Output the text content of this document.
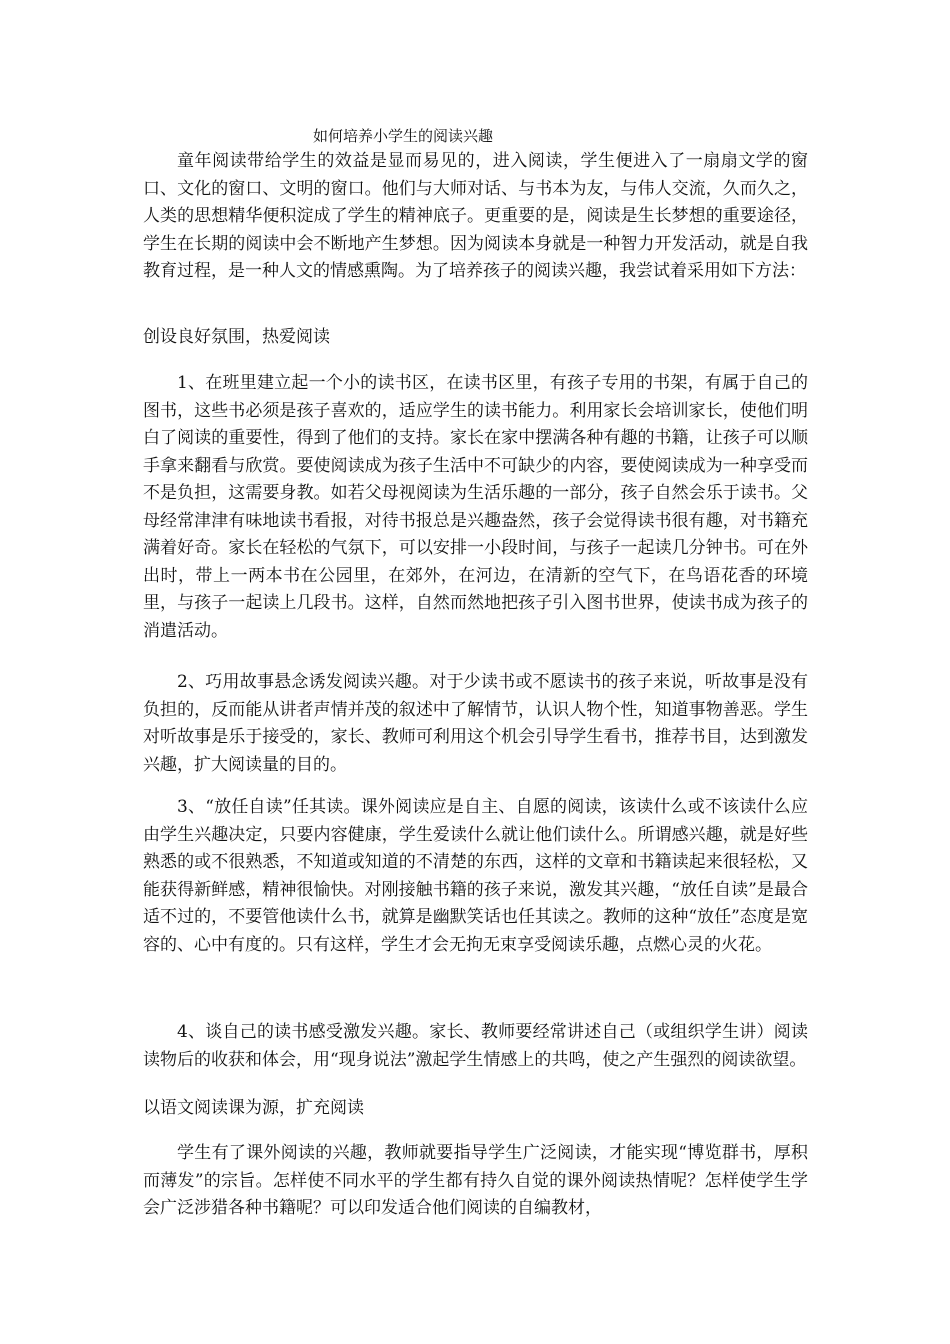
如何培养小学生的阅读兴趣

童年阅读带给学生的效益是显而易见的，进入阅读，学生便进入了一扇扇文学的窗口、文化的窗口、文明的窗口。他们与大师对话、与书本为友，与伟人交流，久而久之，人类的思想精华便积淀成了学生的精神底子。更重要的是，阅读是生长梦想的重要途径，学生在长期的阅读中会不断地产生梦想。因为阅读本身就是一种智力开发活动，就是自我教育过程，是一种人文的情感熏陶。为了培养孩子的阅读兴趣，我尝试着采用如下方法：

创设良好氛围，热爱阅读

1、在班里建立起一个小的读书区，在读书区里，有孩子专用的书架，有属于自己的图书，这些书必须是孩子喜欢的，适应学生的读书能力。利用家长会培训家长，使他们明白了阅读的重要性，得到了他们的支持。家长在家中摆满各种有趣的书籍，让孩子可以顺手拿来翻看与欣赏。要使阅读成为孩子生活中不可缺少的内容，要使阅读成为一种享受而不是负担，这需要身教。如若父母视阅读为生活乐趣的一部分，孩子自然会乐于读书。父母经常津津有味地读书看报，对待书报总是兴趣盎然，孩子会觉得读书很有趣，对书籍充满着好奇。家长在轻松的气氛下，可以安排一小段时间，与孩子一起读几分钟书。可在外出时，带上一两本书在公园里，在郊外，在河边，在清新的空气下，在鸟语花香的环境里，与孩子一起读上几段书。这样，自然而然地把孩子引入图书世界，使读书成为孩子的消遣活动。

2、巧用故事悬念诱发阅读兴趣。对于少读书或不愿读书的孩子来说，听故事是没有负担的，反而能从讲者声情并茂的叙述中了解情节，认识人物个性，知道事物善恶。学生对听故事是乐于接受的，家长、教师可利用这个机会引导学生看书，推荐书目，达到激发兴趣，扩大阅读量的目的。

3、“放任自读”任其读。课外阅读应是自主、自愿的阅读，该读什么或不该读什么应由学生兴趣决定，只要内容健康，学生爱读什么就让他们读什么。所谓感兴趣，就是好些熟悉的或不很熟悉，不知道或知道的不清楚的东西，这样的文章和书籍读起来很轻松，又能获得新鲜感，精神很愉快。对刚接触书籍的孩子来说，激发其兴趣，“放任自读”是最合适不过的，不要管他读什么书，就算是幽默笑话也任其读之。教师的这种“放任”态度是宽容的、心中有度的。只有这样，学生才会无拘无束享受阅读乐趣，点燃心灵的火花。

4、谈自己的读书感受激发兴趣。家长、教师要经常讲述自己（或组织学生讲）阅读读物后的收获和体会，用“现身说法”激起学生情感上的共鸣，使之产生强烈的阅读欲望。

以语文阅读课为源，扩充阅读

学生有了课外阅读的兴趣，教师就要指导学生广泛阅读，才能实现“博览群书，厚积而薄发”的宗旨。怎样使不同水平的学生都有持久自觉的课外阅读热情呢？怎样使学生学会广泛涉猎各种书籍呢？可以印发适合他们阅读的自编教材，
